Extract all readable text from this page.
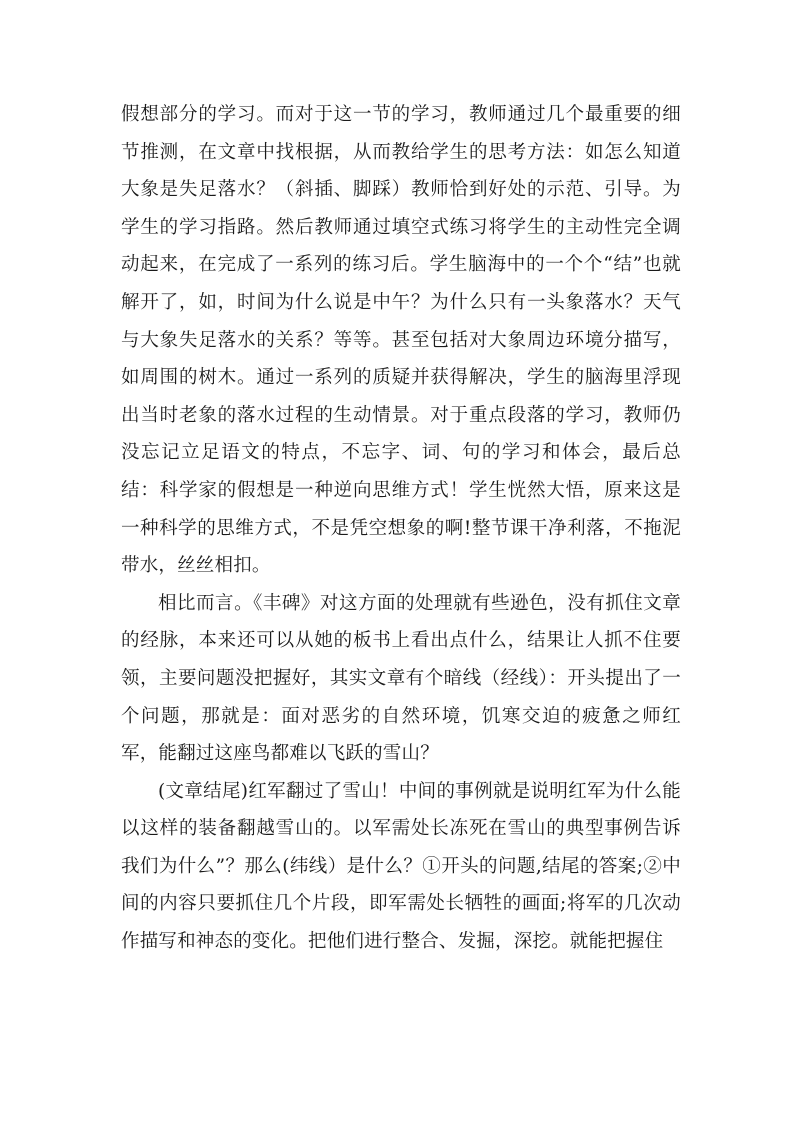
假想部分的学习。而对于这一节的学习，教师通过几个最重要的细节推测，在文章中找根据，从而教给学生的思考方法：如怎么知道大象是失足落水？（斜插、脚踩）教师恰到好处的示范、引导。为学生的学习指路。然后教师通过填空式练习将学生的主动性完全调动起来，在完成了一系列的练习后。学生脑海中的一个个“结”也就解开了，如，时间为什么说是中午？为什么只有一头象落水？天气与大象失足落水的关系？等等。甚至包括对大象周边环境分描写，如周围的树木。通过一系列的质疑并获得解决，学生的脑海里浮现出当时老象的落水过程的生动情景。对于重点段落的学习，教师仍没忘记立足语文的特点，不忘字、词、句的学习和体会，最后总结：科学家的假想是一种逆向思维方式！学生恍然大悟，原来这是一种科学的思维方式，不是凭空想象的啊!整节课干净利落，不拖泥带水，丝丝相扣。

相比而言。《丰碑》对这方面的处理就有些逊色，没有抓住文章的经脉，本来还可以从她的板书上看出点什么，结果让人抓不住要领，主要问题没把握好，其实文章有个暗线（经线）：开头提出了一个问题，那就是：面对恶劣的自然环境，饥寒交迫的疲惫之师红军，能翻过这座鸟都难以飞跃的雪山？

(文章结尾)红军翻过了雪山！中间的事例就是说明红军为什么能以这样的装备翻越雪山的。以军需处长冻死在雪山的典型事例告诉我们为什么”？那么(纬线）是什么？①开头的问题,结尾的答案;②中间的内容只要抓住几个片段，即军需处长牺牲的画面;将军的几次动作描写和神态的变化。把他们进行整合、发掘，深挖。就能把握住
